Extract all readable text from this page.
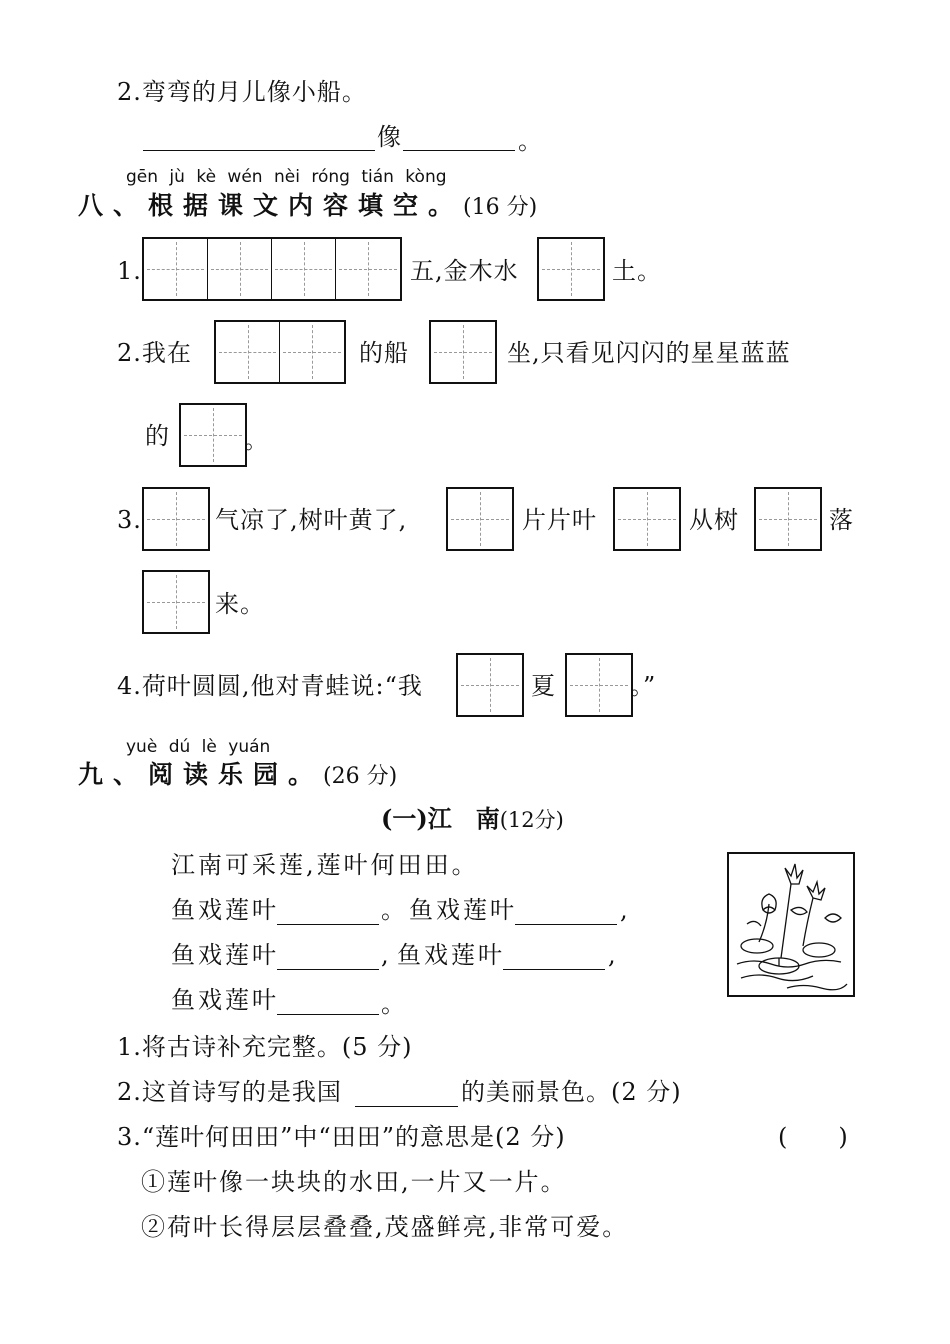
2.弯弯的月儿像小船。
像	。
gēn jù kè wén nèi róng tián kòng
八、根据课文内容填空。(16 分)
1.	五,金木水	土。
2.我在	的船	坐,只看见闪闪的星星蓝蓝
的	。
3.	气凉了,树叶黄了,	片片叶	从树	落
来。
4.荷叶圆圆,他对青蛙说:“我	夏	。”
yuè dú lè yuán
九、阅读乐园。(26 分)
(一)江　南(12分)
江南可采莲,莲叶何田田。
鱼戏莲叶	。 鱼戏莲叶	,
鱼戏莲叶	, 鱼戏莲叶	,
鱼戏莲叶	。
1.将古诗补充完整。(5 分)
2.这首诗写的是我国	的美丽景色。(2 分)
3.“莲叶何田田”中“田田”的意思是(2 分)	(　　)
①莲叶像一块块的水田,一片又一片。
②荷叶长得层层叠叠,茂盛鲜亮,非常可爱。
